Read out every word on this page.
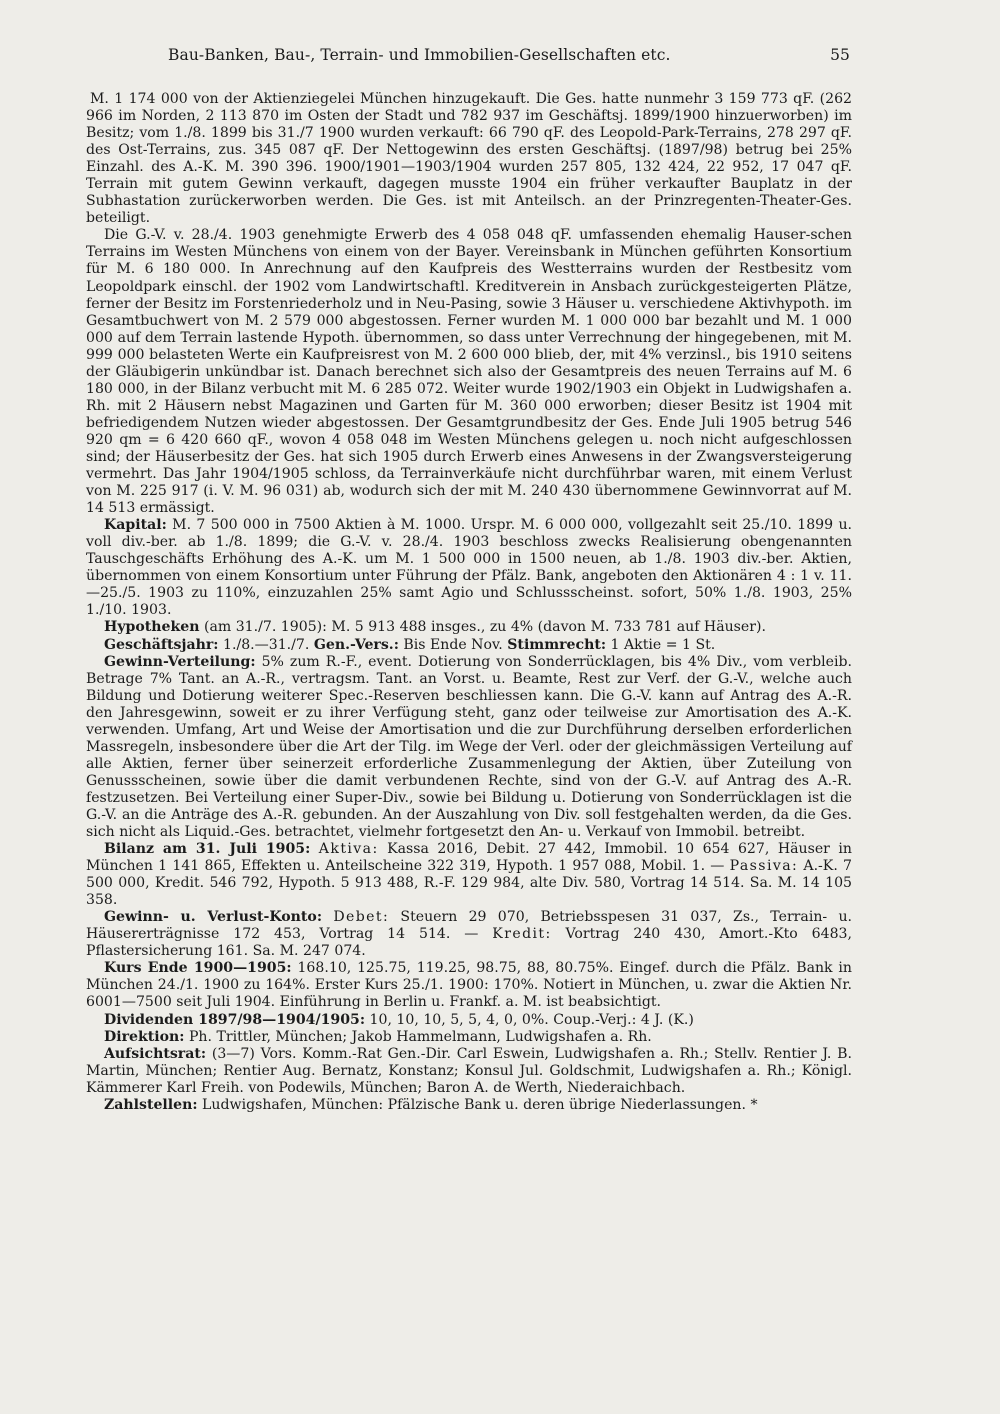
Bau-Banken, Bau-, Terrain- und Immobilien-Gesellschaften etc.	55

M. 1 174 000 von der Aktienziegelei München hinzugekauft. Die Ges. hatte nunmehr 3 159 773 qF. (262 966 im Norden, 2 113 870 im Osten der Stadt und 782 937 im Geschäftsj. 1899/1900 hinzuerworben) im Besitz; vom 1./8. 1899 bis 31./7 1900 wurden verkauft: 66 790 qF. des Leopold-Park-Terrains, 278 297 qF. des Ost-Terrains, zus. 345 087 qF. Der Nettogewinn des ersten Geschäftsj. (1897/98) betrug bei 25% Einzahl. des A.-K. M. 390 396. 1900/1901—1903/1904 wurden 257 805, 132 424, 22 952, 17 047 qF. Terrain mit gutem Gewinn verkauft, dagegen musste 1904 ein früher verkaufter Bauplatz in der Subhastation zurückerworben werden. Die Ges. ist mit Anteilsch. an der Prinzregenten-Theater-Ges. beteiligt.

Die G.-V. v. 28./4. 1903 genehmigte Erwerb des 4 058 048 qF. umfassenden ehemalig Hauser-schen Terrains im Westen Münchens von einem von der Bayer. Vereinsbank in München geführten Konsortium für M. 6 180 000. In Anrechnung auf den Kaufpreis des Westterrains wurden der Restbesitz vom Leopoldpark einschl. der 1902 vom Landwirtschaftl. Kreditverein in Ansbach zurückgesteigerten Plätze, ferner der Besitz im Forstenriederholz und in Neu-Pasing, sowie 3 Häuser u. verschiedene Aktivhypoth. im Gesamtbuchwert von M. 2 579 000 abgestossen. Ferner wurden M. 1 000 000 bar bezahlt und M. 1 000 000 auf dem Terrain lastende Hypoth. übernommen, so dass unter Verrechnung der hingegebenen, mit M. 999 000 belasteten Werte ein Kaufpreisrest von M. 2 600 000 blieb, der, mit 4% verzinsl., bis 1910 seitens der Gläubigerin unkündbar ist. Danach berechnet sich also der Gesamtpreis des neuen Terrains auf M. 6 180 000, in der Bilanz verbucht mit M. 6 285 072. Weiter wurde 1902/1903 ein Objekt in Ludwigshafen a. Rh. mit 2 Häusern nebst Magazinen und Garten für M. 360 000 erworben; dieser Besitz ist 1904 mit befriedigendem Nutzen wieder abgestossen. Der Gesamtgrundbesitz der Ges. Ende Juli 1905 betrug 546 920 qm = 6 420 660 qF., wovon 4 058 048 im Westen Münchens gelegen u. noch nicht aufgeschlossen sind; der Häuserbesitz der Ges. hat sich 1905 durch Erwerb eines Anwesens in der Zwangsversteigerung vermehrt. Das Jahr 1904/1905 schloss, da Terrainverkäufe nicht durchführbar waren, mit einem Verlust von M. 225 917 (i. V. M. 96 031) ab, wodurch sich der mit M. 240 430 übernommene Gewinnvorrat auf M. 14 513 ermässigt.

Kapital: M. 7 500 000 in 7500 Aktien à M. 1000. Urspr. M. 6 000 000, vollgezahlt seit 25./10. 1899 u. voll div.-ber. ab 1./8. 1899; die G.-V. v. 28./4. 1903 beschloss zwecks Realisierung obengenannten Tauschgeschäfts Erhöhung des A.-K. um M. 1 500 000 in 1500 neuen, ab 1./8. 1903 div.-ber. Aktien, übernommen von einem Konsortium unter Führung der Pfälz. Bank, angeboten den Aktionären 4 : 1 v. 11.—25./5. 1903 zu 110%, einzuzahlen 25% samt Agio und Schlussscheinst. sofort, 50% 1./8. 1903, 25% 1./10. 1903.

Hypotheken (am 31./7. 1905): M. 5 913 488 insges., zu 4% (davon M. 733 781 auf Häuser).

Geschäftsjahr: 1./8.—31./7. Gen.-Vers.: Bis Ende Nov. Stimmrecht: 1 Aktie = 1 St.

Gewinn-Verteilung: 5% zum R.-F., event. Dotierung von Sonderrücklagen, bis 4% Div., vom verbleib. Betrage 7% Tant. an A.-R., vertragsm. Tant. an Vorst. u. Beamte, Rest zur Verf. der G.-V., welche auch Bildung und Dotierung weiterer Spec.-Reserven beschliessen kann. Die G.-V. kann auf Antrag des A.-R. den Jahresgewinn, soweit er zu ihrer Verfügung steht, ganz oder teilweise zur Amortisation des A.-K. verwenden. Umfang, Art und Weise der Amortisation und die zur Durchführung derselben erforderlichen Massregeln, insbesondere über die Art der Tilg. im Wege der Verl. oder der gleichmässigen Verteilung auf alle Aktien, ferner über seinerzeit erforderliche Zusammenlegung der Aktien, über Zuteilung von Genussscheinen, sowie über die damit verbundenen Rechte, sind von der G.-V. auf Antrag des A.-R. festzusetzen. Bei Verteilung einer Super-Div., sowie bei Bildung u. Dotierung von Sonderrücklagen ist die G.-V. an die Anträge des A.-R. gebunden. An der Auszahlung von Div. soll festgehalten werden, da die Ges. sich nicht als Liquid.-Ges. betrachtet, vielmehr fortgesetzt den An- u. Verkauf von Immobil. betreibt.

Bilanz am 31. Juli 1905: Aktiva: Kassa 2016, Debit. 27 442, Immobil. 10 654 627, Häuser in München 1 141 865, Effekten u. Anteilscheine 322 319, Hypoth. 1 957 088, Mobil. 1. — Passiva: A.-K. 7 500 000, Kredit. 546 792, Hypoth. 5 913 488, R.-F. 129 984, alte Div. 580, Vortrag 14 514. Sa. M. 14 105 358.

Gewinn- u. Verlust-Konto: Debet: Steuern 29 070, Betriebsspesen 31 037, Zs., Terrain- u. Häusererträgnisse 172 453, Vortrag 14 514. — Kredit: Vortrag 240 430, Amort.-Kto 6483, Pflastersicherung 161. Sa. M. 247 074.

Kurs Ende 1900—1905: 168.10, 125.75, 119.25, 98.75, 88, 80.75%. Eingef. durch die Pfälz. Bank in München 24./1. 1900 zu 164%. Erster Kurs 25./1. 1900: 170%. Notiert in München, u. zwar die Aktien Nr. 6001—7500 seit Juli 1904. Einführung in Berlin u. Frankf. a. M. ist beabsichtigt.

Dividenden 1897/98—1904/1905: 10, 10, 10, 5, 5, 4, 0, 0%. Coup.-Verj.: 4 J. (K.)

Direktion: Ph. Trittler, München; Jakob Hammelmann, Ludwigshafen a. Rh.

Aufsichtsrat: (3—7) Vors. Komm.-Rat Gen.-Dir. Carl Eswein, Ludwigshafen a. Rh.; Stellv. Rentier J. B. Martin, München; Rentier Aug. Bernatz, Konstanz; Konsul Jul. Goldschmit, Ludwigshafen a. Rh.; Königl. Kämmerer Karl Freih. von Podewils, München; Baron A. de Werth, Niederaichbach.

Zahlstellen: Ludwigshafen, München: Pfälzische Bank u. deren übrige Niederlassungen. *
